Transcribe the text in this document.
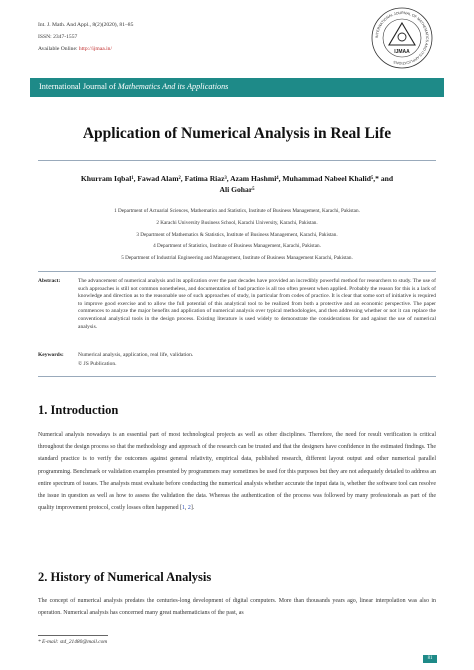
Int. J. Math. And Appl., 8(2)(2020), 81–85
ISSN: 2347-1557
Available Online: http://ijmaa.in/
INTERNATIONAL JOURNAL OF MATHEMATICS AND ITS APPLICATIONS
IJMAA
International Journal of Mathematics And its Applications
Application of Numerical Analysis in Real Life
Khurram Iqbal¹, Fawad Alam², Fatima Riaz³, Azam Hashmi⁴, Muhammad Nabeel Khalid⁵,* and
Ali Gohar⁵
1 Department of Actuarial Sciences, Mathematics and Statistics, Institute of Business Management, Karachi, Pakistan.
2 Karachi University Business School, Karachi University, Karachi, Pakistan.
3 Department of Mathematics & Statistics, Institute of Business Management, Karachi, Pakistan.
4 Department of Statistics, Institute of Business Management, Karachi, Pakistan.
5 Department of Industrial Engineering and Management, Institute of Business Management Karachi, Pakistan.
Abstract:	The advancement of numerical analysis and its application over the past decades have provided an incredibly powerful method for researchers to study. The use of such approaches is still not common nonetheless, and documentation of bad practice is all too often present when applied. Probably the reason for this is a lack of knowledge and direction as to the reasonable use of such approaches of study, in particular from codes of practice. It is clear that some sort of initiative is required to improve good exercise and to allow the full potential of this analytical tool to be realized from both a protective and an economic perspective. The paper commences to analyze the major benefits and application of numerical analysis over typical methodologies, and then addressing whether or not it can replace the conventional analytical tools in the design process. Existing literature is used widely to demonstrate the considerations for and against the use of numerical analysis.
Keywords:	Numerical analysis, application, real life, validation.
© JS Publication.
1. Introduction
Numerical analysis nowadays is an essential part of most technological projects as well as other disciplines. Therefore, the need for result verification is critical throughout the design process so that the methodology and approach of the research can be trusted and that the designers have confidence in the estimated findings. The standard practice is to verify the outcomes against general relativity, empirical data, published research, different layout output and other numerical parallel programming. Benchmark or validation examples presented by programmers may sometimes be used for this purposes but they are not adequately detailed to address an entire spectrum of issues. The analysts must evaluate before conducting the numerical analysis whether accurate the input data is, whether the software tool can resolve the issue in question as well as how to assess the validation the data. Whereas the authentication of the process was followed by many professionals as part of the quality improvement protocol, costly losses often happened [1, 2].
2. History of Numerical Analysis
The concept of numerical analysis predates the centuries-long development of digital computers. More than thousands years ago, linear interpolation was also in operation. Numerical analysis has concerned many great mathematicians of the past, as
* E-mail: std_21480@mail.com
81
